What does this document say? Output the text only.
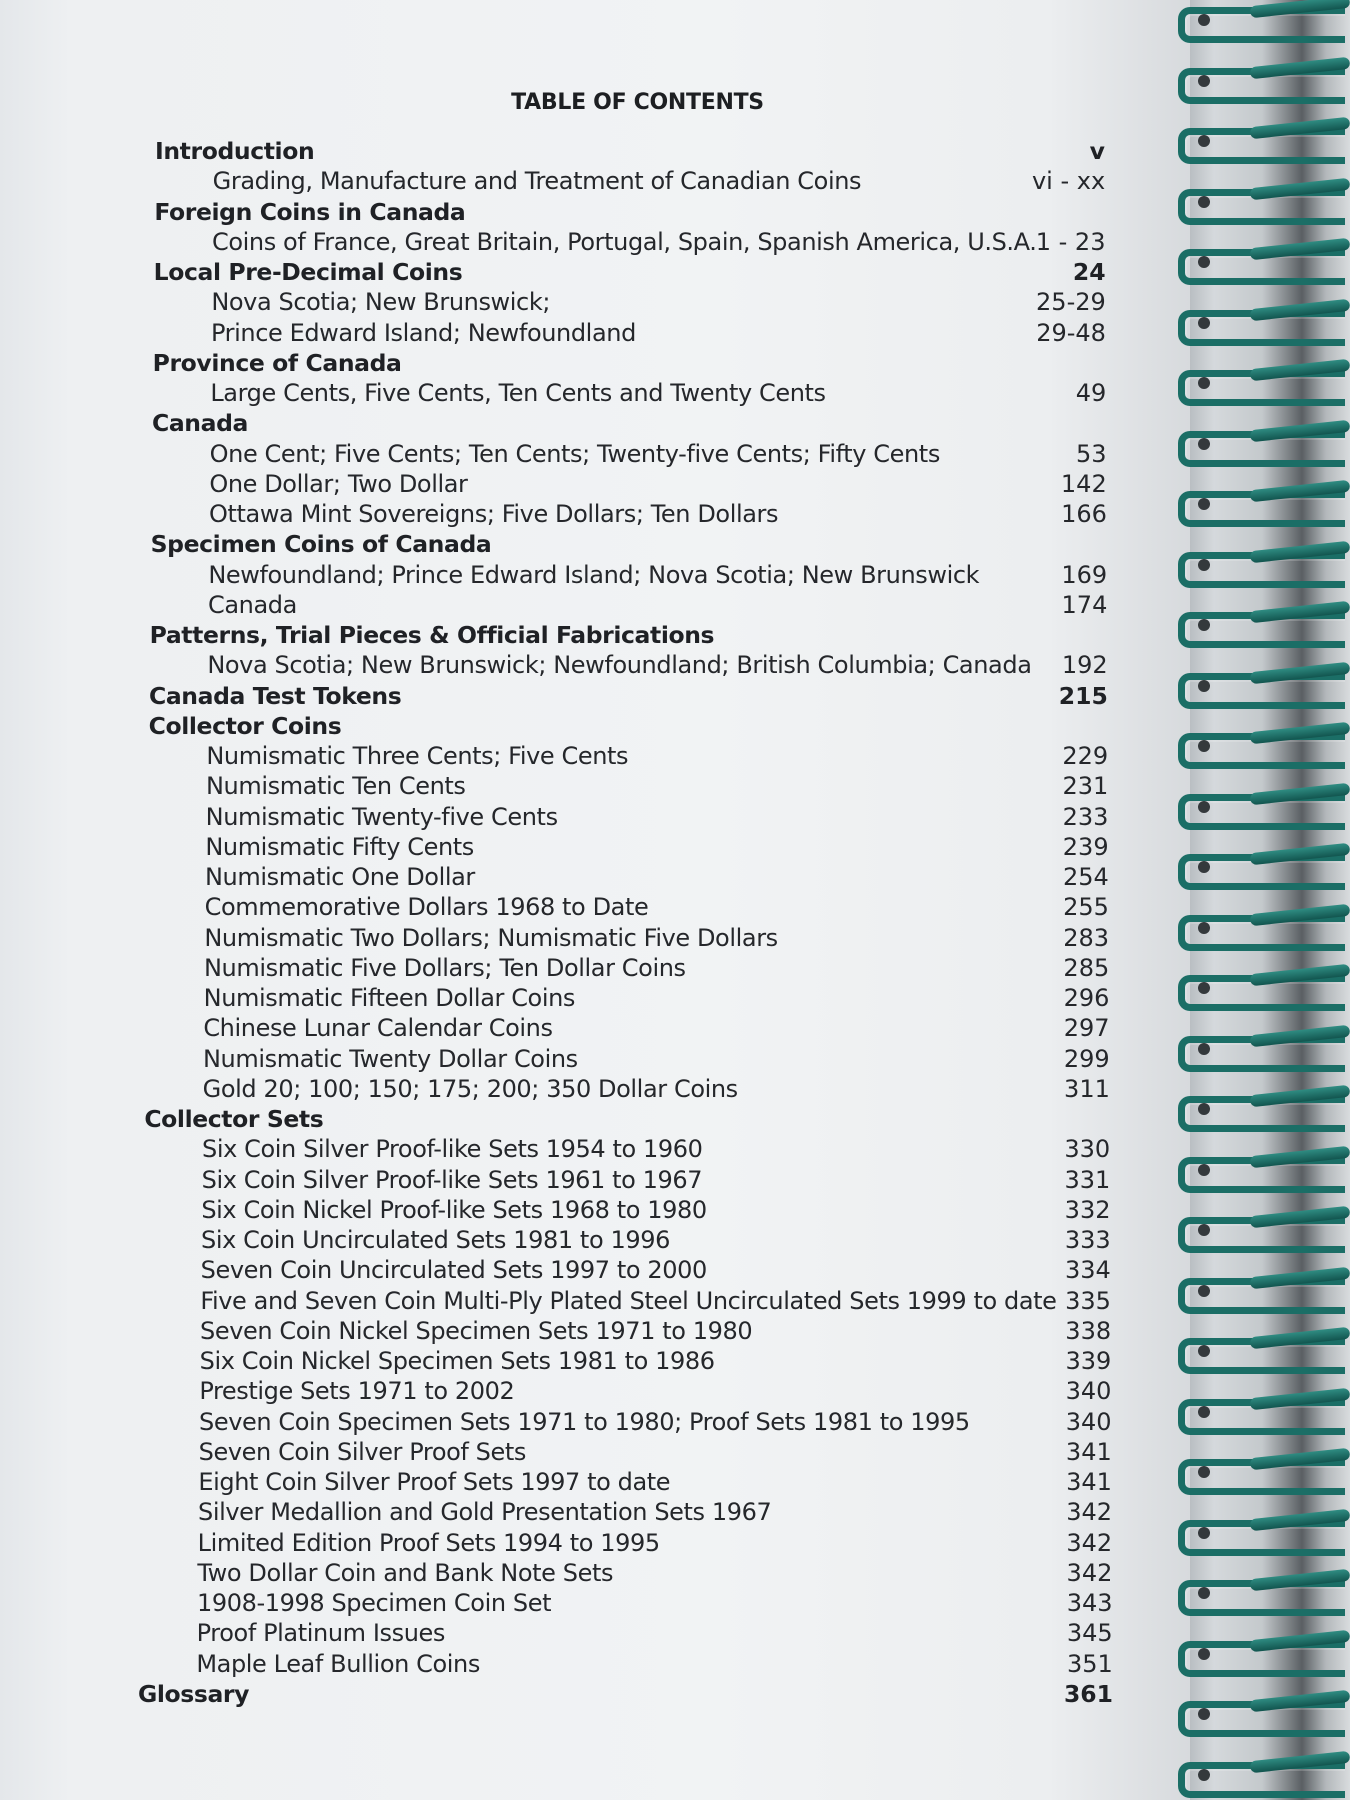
TABLE OF CONTENTS
Introduction	v
Grading, Manufacture and Treatment of Canadian Coins	vi - xx
Foreign Coins in Canada
Coins of France, Great Britain, Portugal, Spain, Spanish America, U.S.A. 1 - 23
Local Pre-Decimal Coins	24
Nova Scotia; New Brunswick;	25-29
Prince Edward Island; Newfoundland	29-48
Province of Canada
Large Cents, Five Cents, Ten Cents and Twenty Cents	49
Canada
One Cent; Five Cents; Ten Cents; Twenty-five Cents; Fifty Cents	53
One Dollar; Two Dollar	142
Ottawa Mint Sovereigns; Five Dollars; Ten Dollars	166
Specimen Coins of Canada
Newfoundland; Prince Edward Island; Nova Scotia; New Brunswick	169
Canada	174
Patterns, Trial Pieces & Official Fabrications
Nova Scotia; New Brunswick; Newfoundland; British Columbia; Canada	192
Canada Test Tokens	215
Collector Coins
Numismatic Three Cents; Five Cents	229
Numismatic Ten Cents	231
Numismatic Twenty-five Cents	233
Numismatic Fifty Cents	239
Numismatic One Dollar	254
Commemorative Dollars 1968 to Date	255
Numismatic Two Dollars; Numismatic Five Dollars	283
Numismatic Five Dollars; Ten Dollar Coins	285
Numismatic Fifteen Dollar Coins	296
Chinese Lunar Calendar Coins	297
Numismatic Twenty Dollar Coins	299
Gold 20; 100; 150; 175; 200; 350 Dollar Coins	311
Collector Sets
Six Coin Silver Proof-like Sets 1954 to 1960	330
Six Coin Silver Proof-like Sets 1961 to 1967	331
Six Coin Nickel Proof-like Sets 1968 to 1980	332
Six Coin Uncirculated Sets 1981 to 1996	333
Seven Coin Uncirculated Sets 1997 to 2000	334
Five and Seven Coin Multi-Ply Plated Steel Uncirculated Sets 1999 to date 335
Seven Coin Nickel Specimen Sets 1971 to 1980	338
Six Coin Nickel Specimen Sets 1981 to 1986	339
Prestige Sets 1971 to 2002	340
Seven Coin Specimen Sets 1971 to 1980; Proof Sets 1981 to 1995	340
Seven Coin Silver Proof Sets	341
Eight Coin Silver Proof Sets 1997 to date	341
Silver Medallion and Gold Presentation Sets 1967	342
Limited Edition Proof Sets 1994 to 1995	342
Two Dollar Coin and Bank Note Sets	342
1908-1998 Specimen Coin Set	343
Proof Platinum Issues	345
Maple Leaf Bullion Coins	351
Glossary	361
